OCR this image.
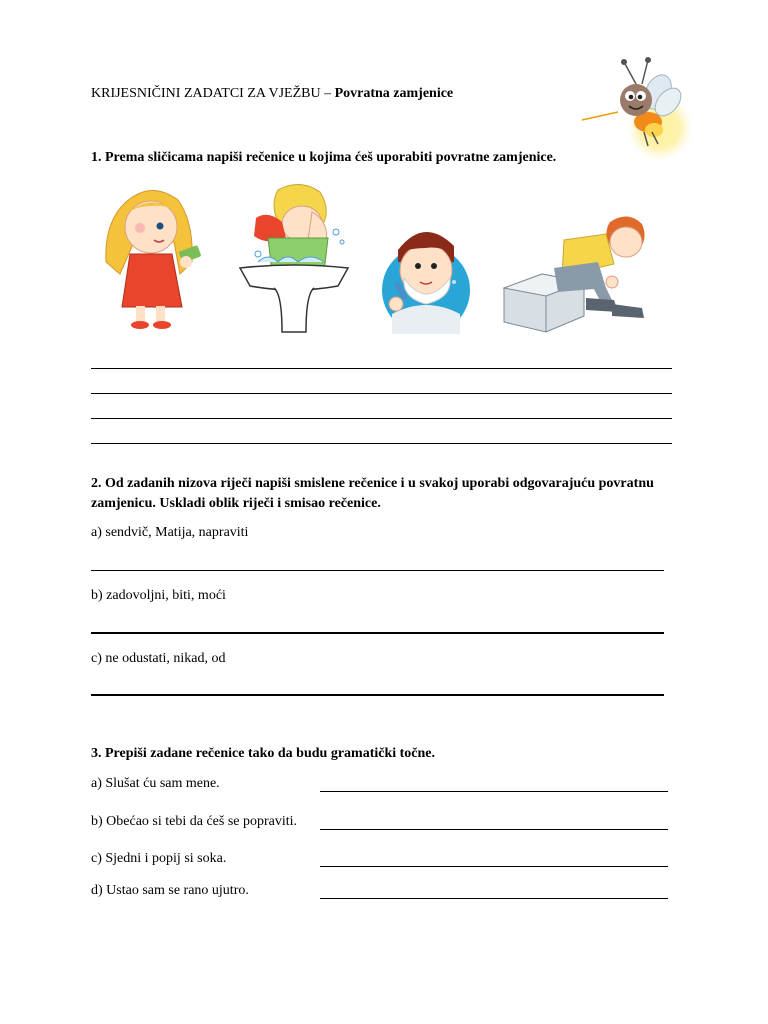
KRIJESNIČINI ZADATCI ZA VJEŽBU – Povratna zamjenice
1. Prema sličicama napiši rečenice u kojima ćeš uporabiti povratne zamjenice.
2. Od zadanih nizova riječi napiši smislene rečenice i u svakoj uporabi odgovarajuću povratnu zamjenicu. Uskladi oblik riječi i smisao rečenice.
a) sendvič, Matija, napraviti
b) zadovoljni, biti, moći
c) ne odustati, nikad, od
3. Prepiši zadane rečenice tako da budu gramatički točne.
a) Slušat ću sam mene.
b) Obećao si tebi da ćeš se popraviti.
c) Sjedni i popij si soka.
d) Ustao sam se rano ujutro.
